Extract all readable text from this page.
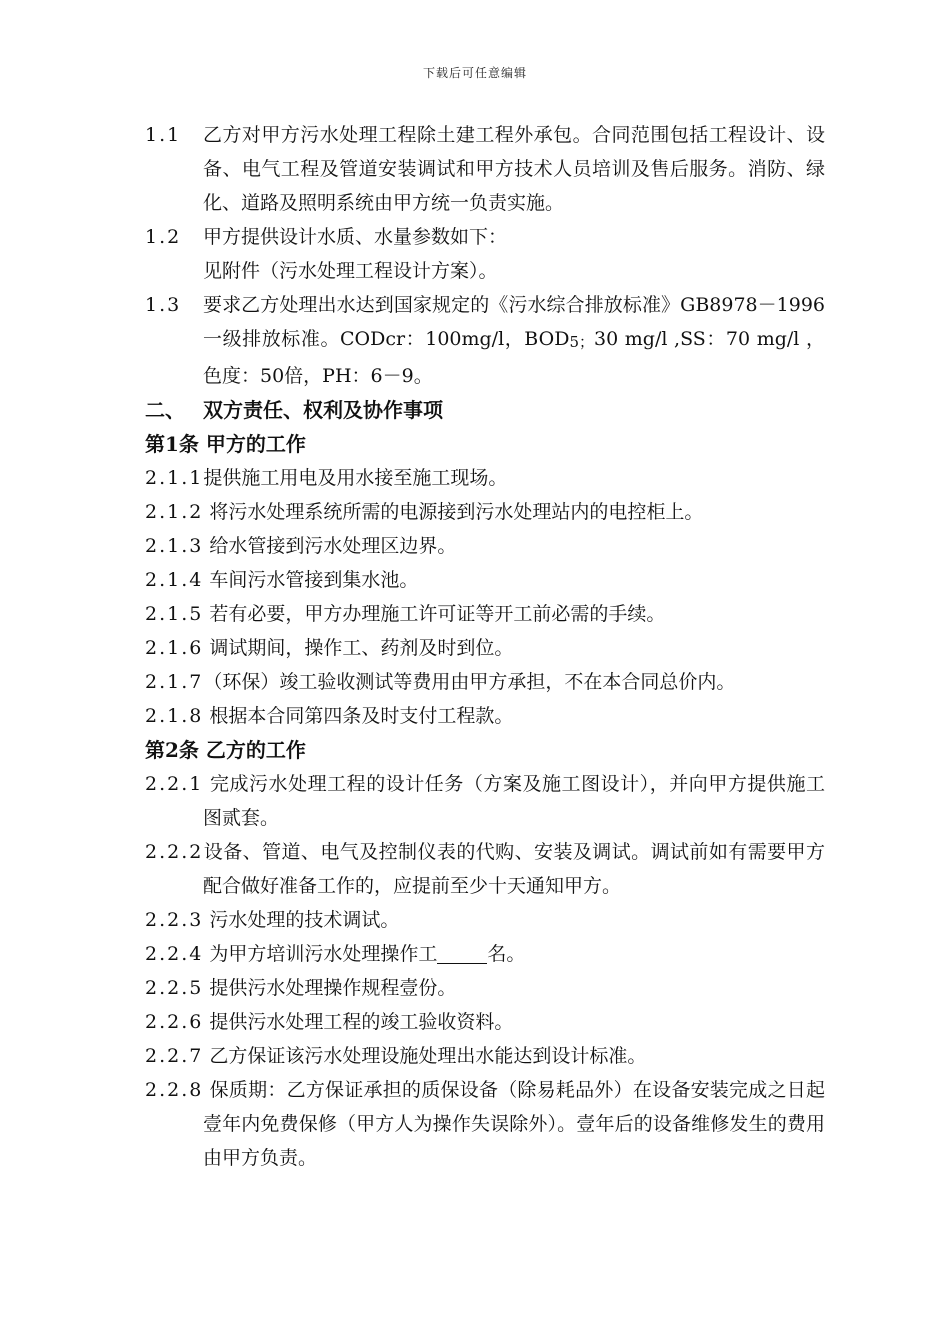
下载后可任意编辑
1.1	乙方对甲方污水处理工程除土建工程外承包。合同范围包括工程设计、设备、电气工程及管道安装调试和甲方技术人员培训及售后服务。消防、绿化、道路及照明系统由甲方统一负责实施。
1.2	甲方提供设计水质、水量参数如下：
见附件（污水处理工程设计方案）。
1.3	要求乙方处理出水达到国家规定的《污水综合排放标准》GB8978－1996一级排放标准。CODcr：100mg/l，$BOD_{5;}30$ mg/l ,SS：70 mg/l ，色度：50倍，PH：6－9。
二、 双方责任、权利及协作事项
第1条 甲方的工作
2.1.1提供施工用电及用水接至施工现场。
2.1.2 将污水处理系统所需的电源接到污水处理站内的电控柜上。
2.1.3 给水管接到污水处理区边界。
2.1.4 车间污水管接到集水池。
2.1.5 若有必要，甲方办理施工许可证等开工前必需的手续。
2.1.6 调试期间，操作工、药剂及时到位。
2.1.7（环保）竣工验收测试等费用由甲方承担，不在本合同总价内。
2.1.8 根据本合同第四条及时支付工程款。
第2条 乙方的工作
2.2.1 完成污水处理工程的设计任务（方案及施工图设计），并向甲方提供施工图贰套。
2.2.2设备、管道、电气及控制仪表的代购、安装及调试。调试前如有需要甲方配合做好准备工作的，应提前至少十天通知甲方。
2.2.3 污水处理的技术调试。
2.2.4 为甲方培训污水处理操作工	名。
2.2.5 提供污水处理操作规程壹份。
2.2.6 提供污水处理工程的竣工验收资料。
2.2.7 乙方保证该污水处理设施处理出水能达到设计标准。
2.2.8 保质期：乙方保证承担的质保设备（除易耗品外）在设备安装完成之日起壹年内免费保修（甲方人为操作失误除外）。壹年后的设备维修发生的费用由甲方负责。
